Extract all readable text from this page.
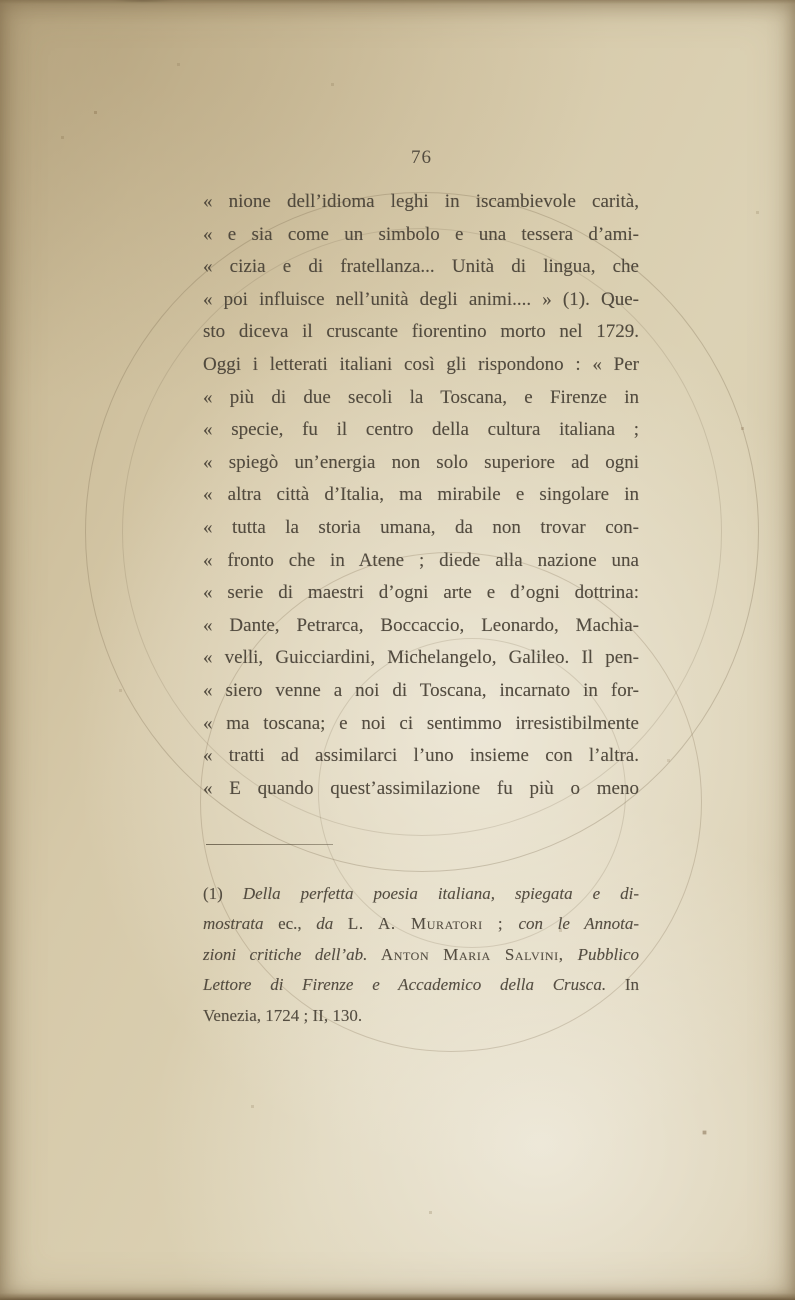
76
« nione dell’idioma leghi in iscambievole carità,
« e sia come un simbolo e una tessera d’ami-
« cizia e di fratellanza... Unità di lingua, che
« poi influisce nell’unità degli animi.... » (1). Que-
sto diceva il cruscante fiorentino morto nel 1729.
Oggi i letterati italiani così gli rispondono : « Per
« più di due secoli la Toscana, e Firenze in
« specie, fu il centro della cultura italiana ;
« spiegò un’energia non solo superiore ad ogni
« altra città d’Italia, ma mirabile e singolare in
« tutta la storia umana, da non trovar con-
« fronto che in Atene ; diede alla nazione una
« serie di maestri d’ogni arte e d’ogni dottrina:
« Dante, Petrarca, Boccaccio, Leonardo, Machia-
« velli, Guicciardini, Michelangelo, Galileo. Il pen-
« siero venne a noi di Toscana, incarnato in for-
« ma toscana; e noi ci sentimmo irresistibilmente
« tratti ad assimilarci l’uno insieme con l’altra.
« E quando quest’assimilazione fu più o meno
(1) Della perfetta poesia italiana, spiegata e di-
mostrata ec., da L. A. Muratori ; con le Annota-
zioni critiche dell’ab. Anton Maria Salvini, Pubblico
Lettore di Firenze e Accademico della Crusca. In
Venezia, 1724 ; II, 130.
